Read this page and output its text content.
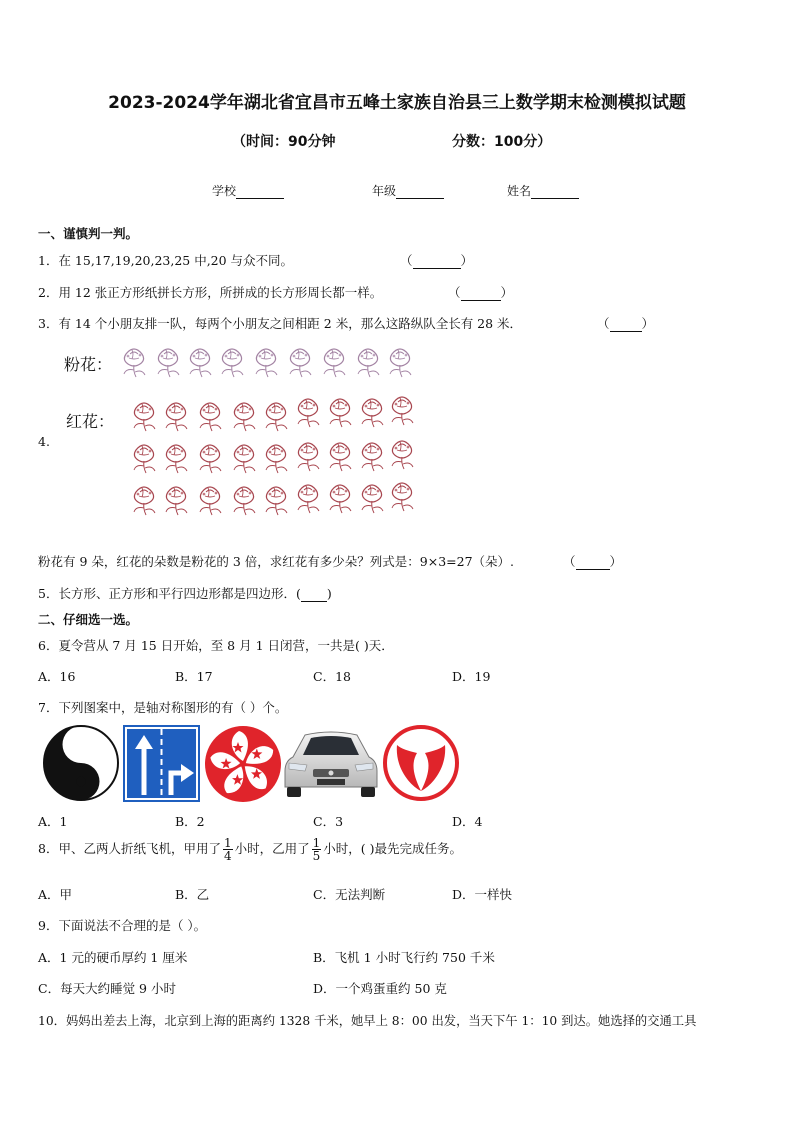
2023-2024学年湖北省宜昌市五峰土家族自治县三上数学期末检测模拟试题
（时间：90分钟	分数：100分）
学校	年级	姓名
一、谨慎判一判。
1．在 15,17,19,20,23,25 中,20 与众不同。	（	）
2．用 12 张正方形纸拼长方形，所拼成的长方形周长都一样。	（	）
3．有 14 个小朋友排一队，每两个小朋友之间相距 2 米，那么这路纵队全长有 28 米．	（	）
粉花：
红花：
4.
粉花有 9 朵，红花的朵数是粉花的 3 倍，求红花有多少朵？列式是：9×3=27（朵）.	（	）
5．长方形、正方形和平行四边形都是四边形．( )
二、仔细选一选。
6．夏令营从 7 月 15 日开始，至 8 月 1 日闭营，一共是( )天．
A．16	B．17	C．18	D．19
7．下列图案中，是轴对称图形的有（ ）个。
A．1	B．2	C．3	D．4
8．甲、乙两人折纸飞机，甲用了 $\frac{1}{4}$ 小时，乙用了 $\frac{1}{5}$ 小时，( )最先完成任务。
A．甲	B．乙	C．无法判断	D．一样快
9．下面说法不合理的是（ ）。
A．1 元的硬币厚约 1 厘米	B．飞机 1 小时飞行约 750 千米
C．每天大约睡觉 9 小时	D．一个鸡蛋重约 50 克
10．妈妈出差去上海，北京到上海的距离约 1328 千米，她早上 8：00 出发，当天下午 1：10 到达。她选择的交通工具
